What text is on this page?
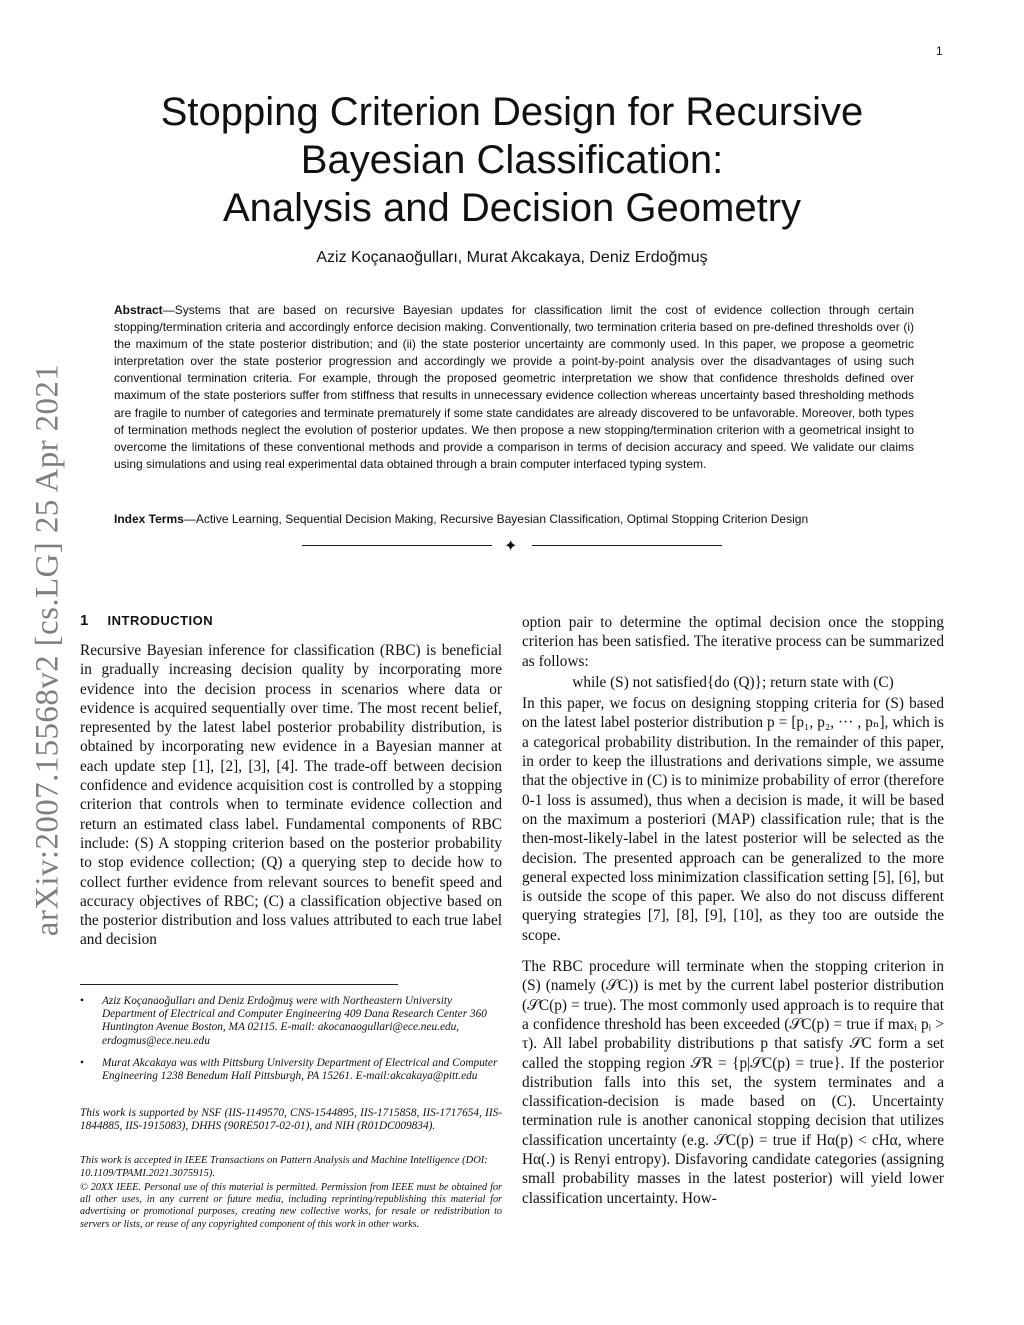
1
arXiv:2007.15568v2 [cs.LG] 25 Apr 2021
Stopping Criterion Design for Recursive
Bayesian Classification:
Analysis and Decision Geometry
Aziz Koçanaoğulları, Murat Akcakaya, Deniz Erdoğmuş
Abstract—Systems that are based on recursive Bayesian updates for classification limit the cost of evidence collection through certain stopping/termination criteria and accordingly enforce decision making. Conventionally, two termination criteria based on pre-defined thresholds over (i) the maximum of the state posterior distribution; and (ii) the state posterior uncertainty are commonly used. In this paper, we propose a geometric interpretation over the state posterior progression and accordingly we provide a point-by-point analysis over the disadvantages of using such conventional termination criteria. For example, through the proposed geometric interpretation we show that confidence thresholds defined over maximum of the state posteriors suffer from stiffness that results in unnecessary evidence collection whereas uncertainty based thresholding methods are fragile to number of categories and terminate prematurely if some state candidates are already discovered to be unfavorable. Moreover, both types of termination methods neglect the evolution of posterior updates. We then propose a new stopping/termination criterion with a geometrical insight to overcome the limitations of these conventional methods and provide a comparison in terms of decision accuracy and speed. We validate our claims using simulations and using real experimental data obtained through a brain computer interfaced typing system.
Index Terms—Active Learning, Sequential Decision Making, Recursive Bayesian Classification, Optimal Stopping Criterion Design
✦
1 INTRODUCTION

Recursive Bayesian inference for classification (RBC) is beneficial in gradually increasing decision quality by incorporating more evidence into the decision process in scenarios where data or evidence is acquired sequentially over time. The most recent belief, represented by the latest label posterior probability distribution, is obtained by incorporating new evidence in a Bayesian manner at each update step [1], [2], [3], [4]. The trade-off between decision confidence and evidence acquisition cost is controlled by a stopping criterion that controls when to terminate evidence collection and return an estimated class label. Fundamental components of RBC include: (S) A stopping criterion based on the posterior probability to stop evidence collection; (Q) a querying step to decide how to collect further evidence from relevant sources to benefit speed and accuracy objectives of RBC; (C) a classification objective based on the posterior distribution and loss values attributed to each true label and decision

option pair to determine the optimal decision once the stopping criterion has been satisfied. The iterative process can be summarized as follows:

while (S) not satisfied{do (Q)}; return state with (C)

In this paper, we focus on designing stopping criteria for (S) based on the latest label posterior distribution p = [p₁, p₂, ··· , pₙ], which is a categorical probability distribution. In the remainder of this paper, in order to keep the illustrations and derivations simple, we assume that the objective in (C) is to minimize probability of error (therefore 0-1 loss is assumed), thus when a decision is made, it will be based on the maximum a posteriori (MAP) classification rule; that is the then-most-likely-label in the latest posterior will be selected as the decision. The presented approach can be generalized to the more general expected loss minimization classification setting [5], [6], but is outside the scope of this paper. We also do not discuss different querying strategies [7], [8], [9], [10], as they too are outside the scope.

The RBC procedure will terminate when the stopping criterion in (S) (namely (𝒮C)) is met by the current label posterior distribution (𝒮C(p) = true). The most commonly used approach is to require that a confidence threshold has been exceeded (𝒮C(p) = true if maxᵢ pᵢ > τ). All label probability distributions p that satisfy 𝒮C form a set called the stopping region 𝒮R = {p|𝒮C(p) = true}. If the posterior distribution falls into this set, the system terminates and a classification-decision is made based on (C). Uncertainty termination rule is another canonical stopping decision that utilizes classification uncertainty (e.g. 𝒮C(p) = true if Hα(p) < cHα, where Hα(.) is Renyi entropy). Disfavoring candidate categories (assigning small probability masses in the latest posterior) will yield lower classification uncertainty. How-

• Aziz Koçanaoğulları and Deniz Erdoğmuş were with Northeastern University Department of Electrical and Computer Engineering 409 Dana Research Center 360 Huntington Avenue Boston, MA 02115. E-mail: akocanaogullari@ece.neu.edu, erdogmus@ece.neu.edu

• Murat Akcakaya was with Pittsburg University Department of Electrical and Computer Engineering 1238 Benedum Hall Pittsburgh, PA 15261. E-mail:akcakaya@pitt.edu

This work is supported by NSF (IIS-1149570, CNS-1544895, IIS-1715858, IIS-1717654, IIS-1844885, IIS-1915083), DHHS (90RE5017-02-01), and NIH (R01DC009834).
This work is accepted in IEEE Transactions on Pattern Analysis and Machine Intelligence (DOI: 10.1109/TPAMI.2021.3075915).
© 20XX IEEE. Personal use of this material is permitted. Permission from IEEE must be obtained for all other uses, in any current or future media, including reprinting/republishing this material for advertising or promotional purposes, creating new collective works, for resale or redistribution to servers or lists, or reuse of any copyrighted component of this work in other works.
